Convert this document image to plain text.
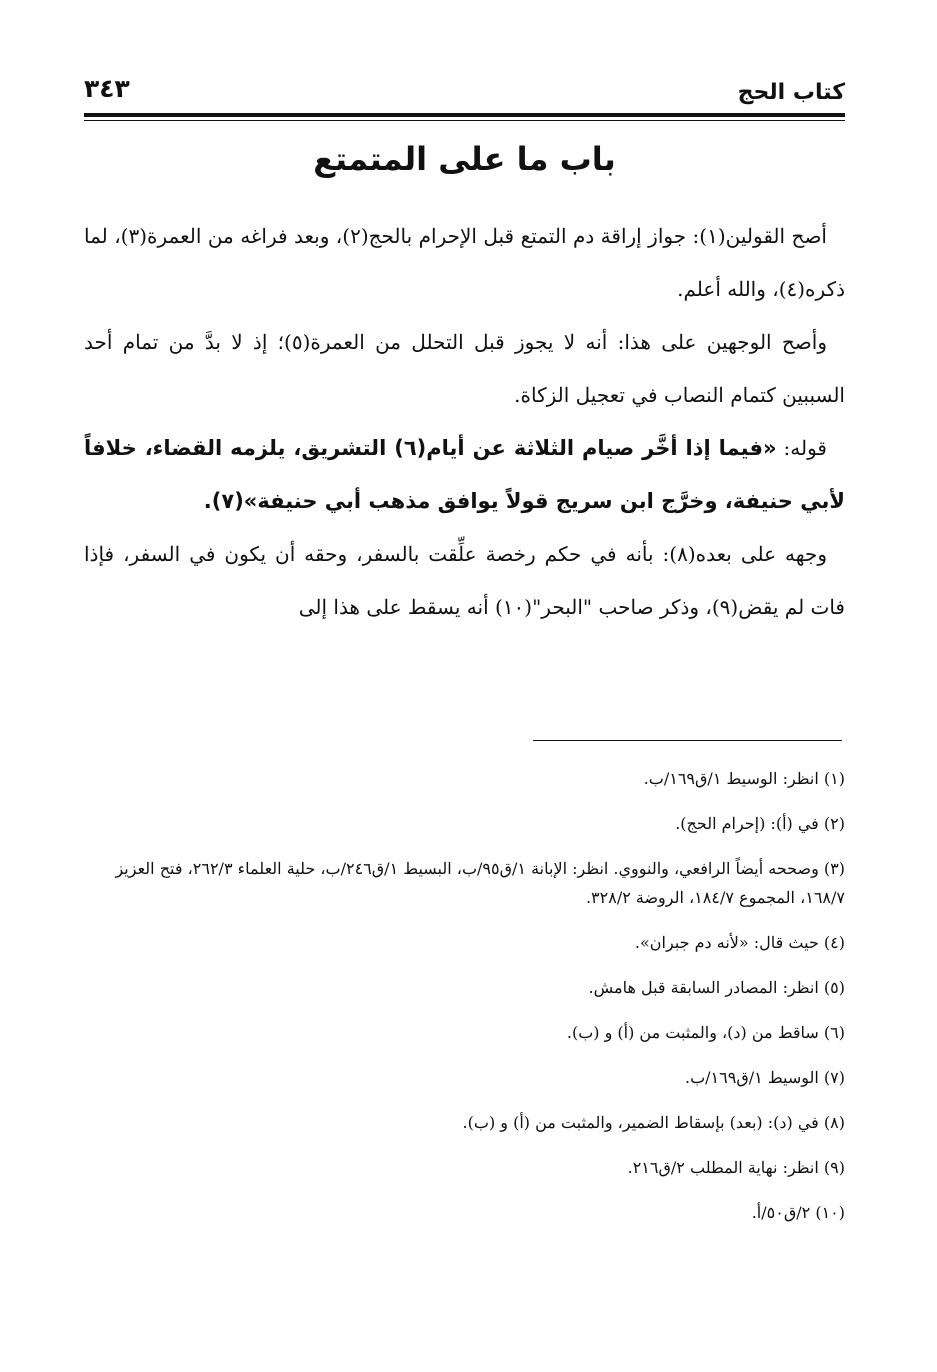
كتاب الحج
٣٤٣
باب ما على المتمتع

أصح القولين(١): جواز إراقة دم التمتع قبل الإحرام بالحج(٢)، وبعد فراغه من العمرة(٣)، لما ذكره(٤)، والله أعلم.

وأصح الوجهين على هذا: أنه لا يجوز قبل التحلل من العمرة(٥)؛ إذ لا بدَّ من تمام أحد السببين كتمام النصاب في تعجيل الزكاة.

قوله: «فيما إذا أخَّر صيام الثلاثة عن أيام(٦) التشريق، يلزمه القضاء، خلافاً لأبي حنيفة، وخرَّج ابن سريج قولاً يوافق مذهب أبي حنيفة»(٧).

وجهه على بعده(٨): بأنه في حكم رخصة علِّقت بالسفر، وحقه أن يكون في السفر، فإذا فات لم يقض(٩)، وذكر صاحب "البحر"(١٠) أنه يسقط على هذا إلى

(١) انظر: الوسيط ١/ق١٦٩/ب.

(٢) في (أ): (إحرام الحج).

(٣) وصححه أيضاً الرافعي، والنووي. انظر: الإبانة ١/ق٩٥/ب، البسيط ١/ق٢٤٦/ب، حلية العلماء ٢٦٢/٣، فتح العزيز ١٦٨/٧، المجموع ١٨٤/٧، الروضة ٣٢٨/٢.

(٤) حيث قال: «لأنه دم جبران».

(٥) انظر: المصادر السابقة قبل هامش.

(٦) ساقط من (د)، والمثبت من (أ) و (ب).

(٧) الوسيط ١/ق١٦٩/ب.

(٨) في (د): (بعد) بإسقاط الضمير، والمثبت من (أ) و (ب).

(٩) انظر: نهاية المطلب ٢/ق٢١٦.

(١٠) ٢/ق٥٠/أ.
